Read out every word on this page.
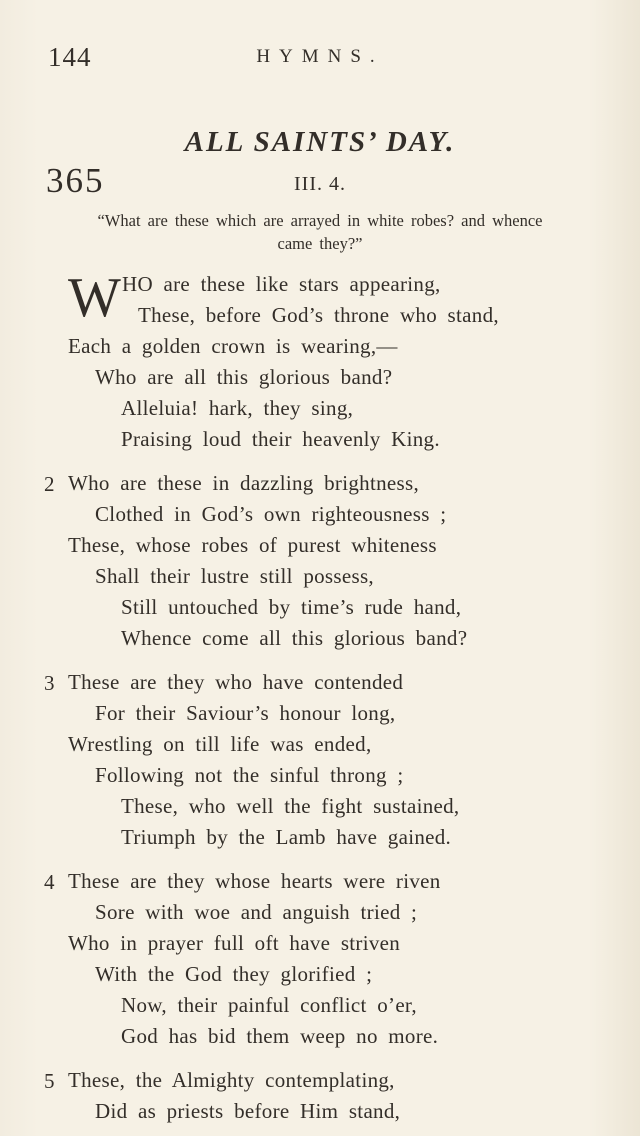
144	HYMNS.
ALL SAINTS’ DAY.
365	III. 4.
“What are these which are arrayed in white robes? and whence
came they?”
W HO are these like stars appearing,
These, before God’s throne who stand,
Each a golden crown is wearing,—
Who are all this glorious band?
Alleluia! hark, they sing,
Praising loud their heavenly King.
2 Who are these in dazzling brightness,
Clothed in God’s own righteousness ;
These, whose robes of purest whiteness
Shall their lustre still possess,
Still untouched by time’s rude hand,
Whence come all this glorious band?
3 These are they who have contended
For their Saviour’s honour long,
Wrestling on till life was ended,
Following not the sinful throng ;
These, who well the fight sustained,
Triumph by the Lamb have gained.
4 These are they whose hearts were riven
Sore with woe and anguish tried ;
Who in prayer full oft have striven
With the God they glorified ;
Now, their painful conflict o’er,
God has bid them weep no more.
5 These, the Almighty contemplating,
Did as priests before Him stand,
